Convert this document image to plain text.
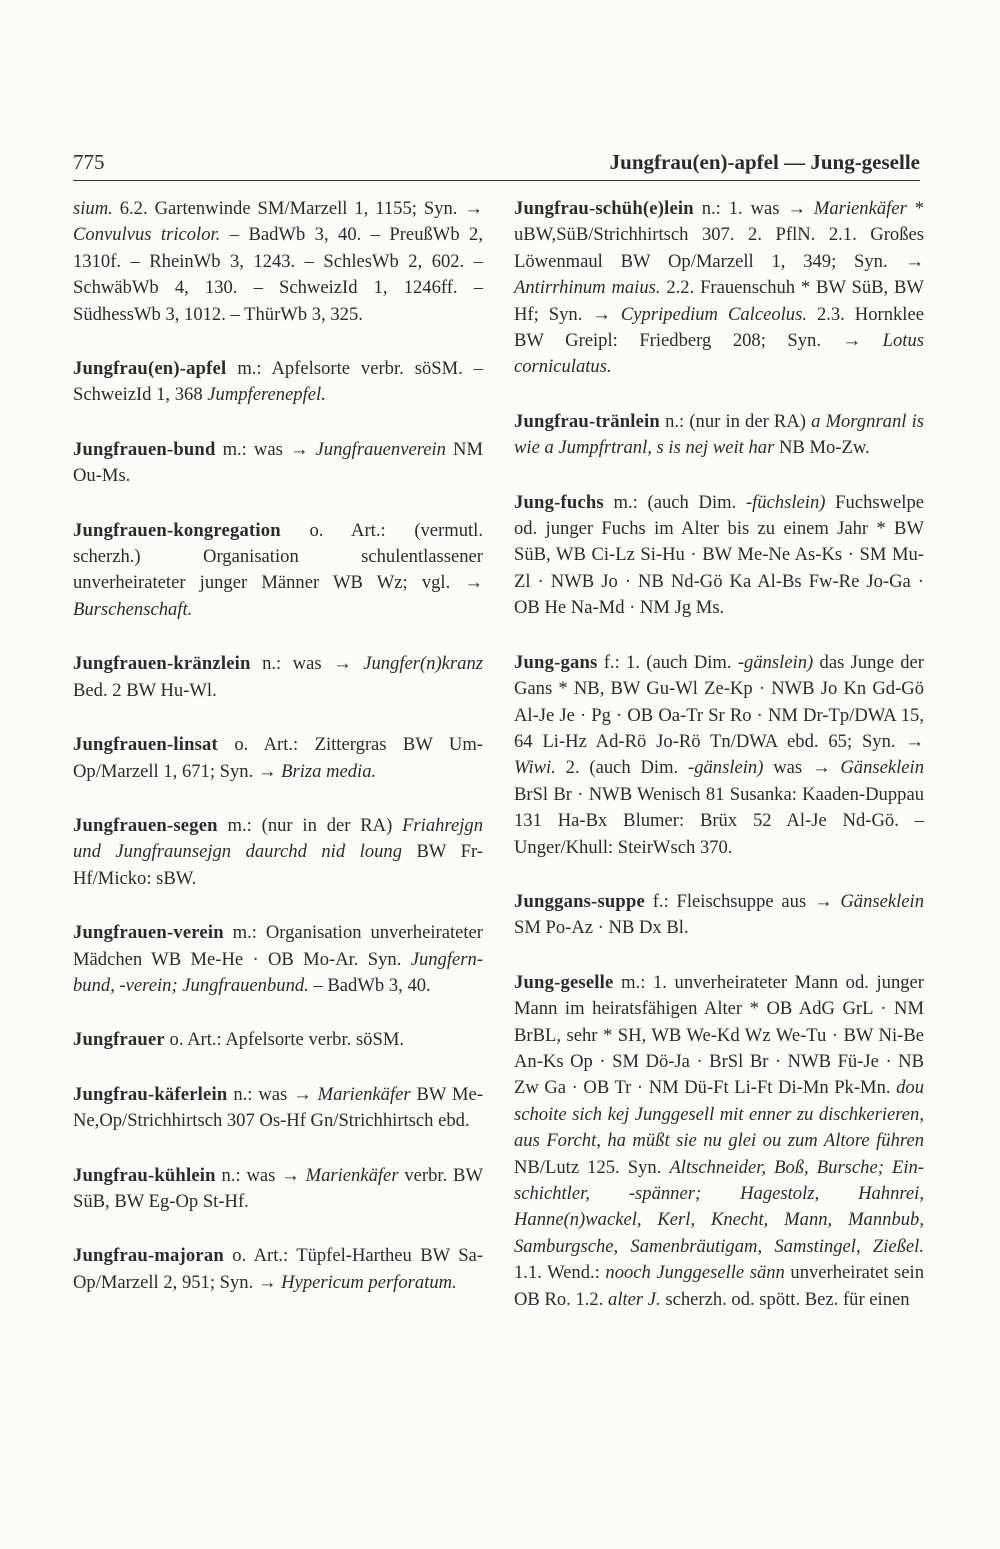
775	Jungfrau(en)-apfel — Jung-geselle

sium. 6.2. Gartenwinde SM/Marzell 1, 1155; Syn. → Convulvus tricolor. – BadWb 3, 40. – PreußWb 2, 1310f. – RheinWb 3, 1243. – SchlesWb 2, 602. – SchwäbWb 4, 130. – SchweizId 1, 1246ff. – SüdhessWb 3, 1012. – ThürWb 3, 325.

Jungfrau(en)-apfel m.: Apfelsorte verbr. söSM. – SchweizId 1, 368 Jumpferenepfel.

Jungfrauen-bund m.: was → Jungfrauenverein NM Ou-Ms.

Jungfrauen-kongregation o. Art.: (vermutl. scherzh.) Organisation schulentlassener unverheirateter junger Männer WB Wz; vgl. → Burschenschaft.

Jungfrauen-kränzlein n.: was → Jungfer(n)kranz Bed. 2 BW Hu-Wl.

Jungfrauen-linsat o. Art.: Zittergras BW Um-Op/Marzell 1, 671; Syn. → Briza media.

Jungfrauen-segen m.: (nur in der RA) Friahrejgn und Jungfraunsejgn daurchd nid loung BW Fr-Hf/Micko: sBW.

Jungfrauen-verein m.: Organisation unverheirateter Mädchen WB Me-He · OB Mo-Ar. Syn. Jungfern-bund, -verein; Jungfrauenbund. – BadWb 3, 40.

Jungfrauer o. Art.: Apfelsorte verbr. söSM.

Jungfrau-käferlein n.: was → Marienkäfer BW Me-Ne,Op/Strichhirtsch 307 Os-Hf Gn/Strichhirtsch ebd.

Jungfrau-kühlein n.: was → Marienkäfer verbr. BW SüB, BW Eg-Op St-Hf.

Jungfrau-majoran o. Art.: Tüpfel-Hartheu BW Sa-Op/Marzell 2, 951; Syn. → Hypericum perforatum.

Jungfrau-schüh(e)lein n.: 1. was → Marienkäfer * uBW,SüB/Strichhirtsch 307. 2. PflN. 2.1. Großes Löwenmaul BW Op/Marzell 1, 349; Syn. → Antirrhinum maius. 2.2. Frauenschuh * BW SüB, BW Hf; Syn. → Cypripedium Calceolus. 2.3. Hornklee BW Greipl: Friedberg 208; Syn. → Lotus corniculatus.

Jungfrau-tränlein n.: (nur in der RA) a Morgnranl is wie a Jumpfrtranl, s is nej weit har NB Mo-Zw.

Jung-fuchs m.: (auch Dim. -füchslein) Fuchswelpe od. junger Fuchs im Alter bis zu einem Jahr * BW SüB, WB Ci-Lz Si-Hu · BW Me-Ne As-Ks · SM Mu-Zl · NWB Jo · NB Nd-Gö Ka Al-Bs Fw-Re Jo-Ga · OB He Na-Md · NM Jg Ms.

Jung-gans f.: 1. (auch Dim. -gänslein) das Junge der Gans * NB, BW Gu-Wl Ze-Kp · NWB Jo Kn Gd-Gö Al-Je Je · Pg · OB Oa-Tr Sr Ro · NM Dr-Tp/DWA 15, 64 Li-Hz Ad-Rö Jo-Rö Tn/DWA ebd. 65; Syn. → Wiwi. 2. (auch Dim. -gänslein) was → Gänseklein BrSl Br · NWB Wenisch 81 Susanka: Kaaden-Duppau 131 Ha-Bx Blumer: Brüx 52 Al-Je Nd-Gö. – Unger/Khull: SteirWsch 370.

Junggans-suppe f.: Fleischsuppe aus → Gänseklein SM Po-Az · NB Dx Bl.

Jung-geselle m.: 1. unverheirateter Mann od. junger Mann im heiratsfähigen Alter * OB AdG GrL · NM BrBL, sehr * SH, WB We-Kd Wz We-Tu · BW Ni-Be An-Ks Op · SM Dö-Ja · BrSl Br · NWB Fü-Je · NB Zw Ga · OB Tr · NM Dü-Ft Li-Ft Di-Mn Pk-Mn. dou schoite sich kej Junggesell mit enner zu dischkerieren, aus Forcht, ha müßt sie nu glei ou zum Altore führen NB/Lutz 125. Syn. Altschneider, Boß, Bursche; Ein-schichtler, -spänner; Hagestolz, Hahnrei, Hanne(n)wackel, Kerl, Knecht, Mann, Mannbub, Samburgsche, Samenbräutigam, Samstingel, Zießel. 1.1. Wend.: nooch Junggeselle sänn unverheiratet sein OB Ro. 1.2. alter J. scherzh. od. spött. Bez. für einen
